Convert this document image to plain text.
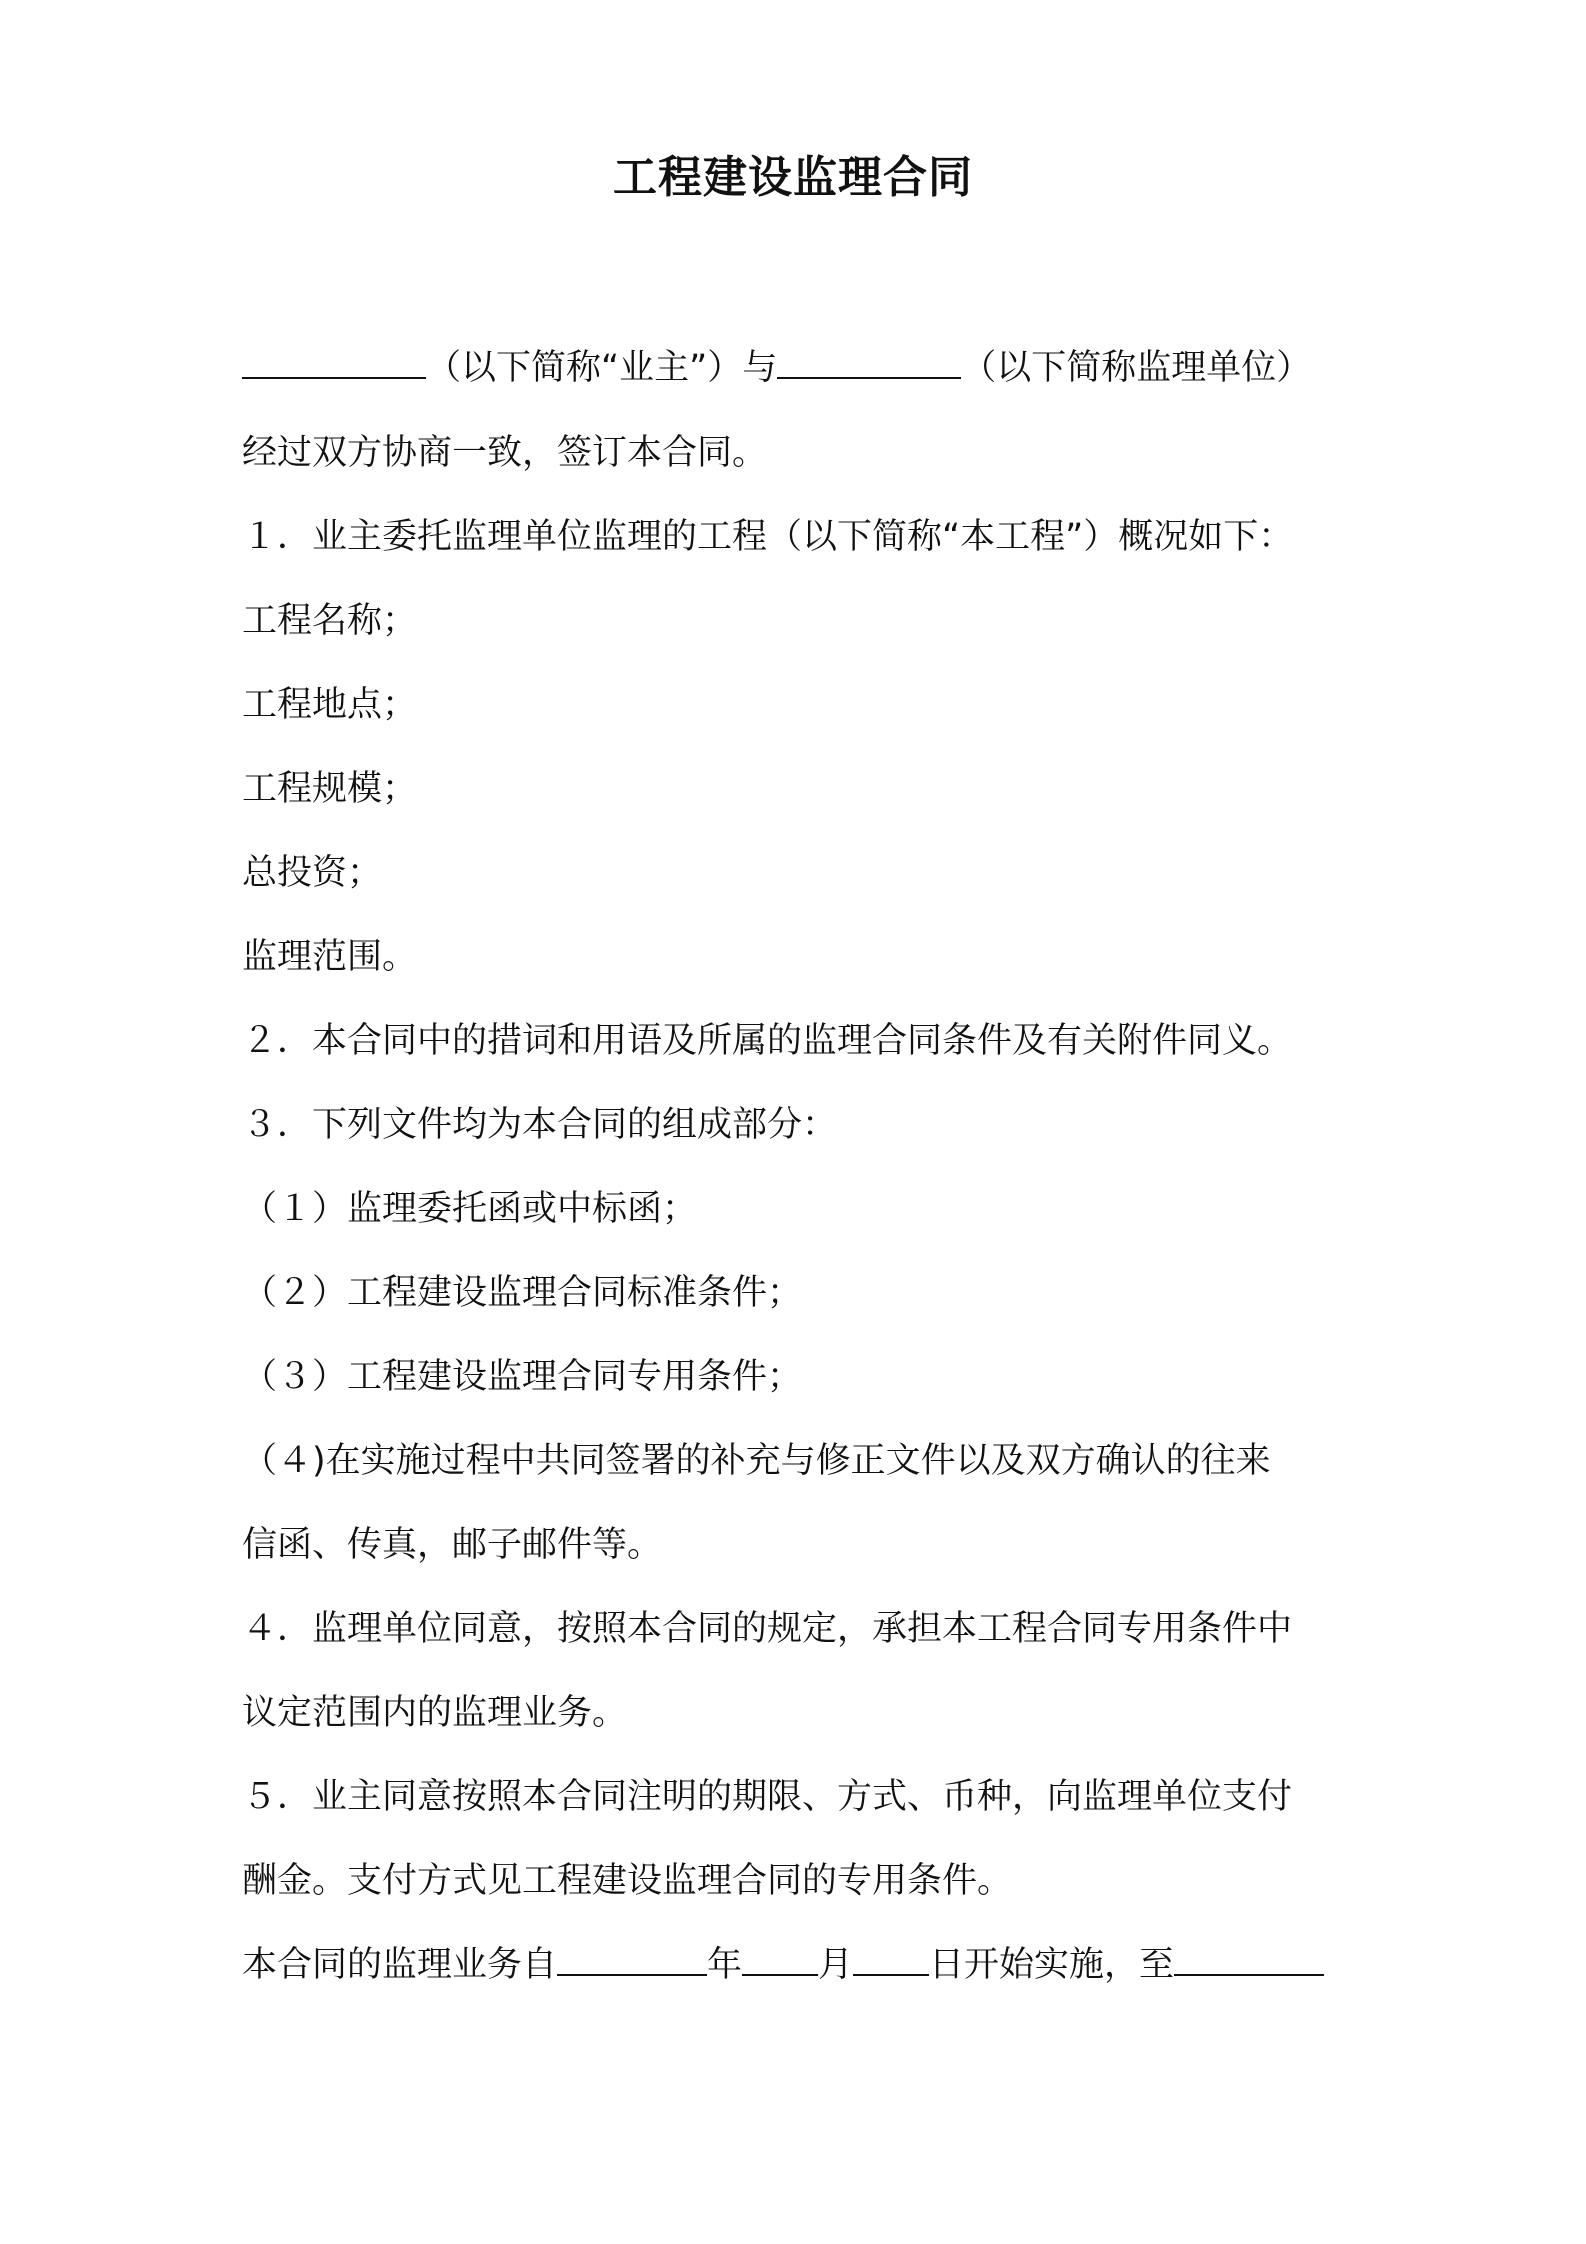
工程建设监理合同
（以下简称“业主”）与	（以下简称监理单位）
经过双方协商一致，签订本合同。
１．业主委托监理单位监理的工程（以下简称“本工程”）概况如下：
工程名称；
工程地点；
工程规模；
总投资；
监理范围。
２．本合同中的措词和用语及所属的监理合同条件及有关附件同义。
３．下列文件均为本合同的组成部分：
（１）监理委托函或中标函；
（２）工程建设监理合同标准条件；
（３）工程建设监理合同专用条件；
（４)在实施过程中共同签署的补充与修正文件以及双方确认的往来
信函、传真，邮子邮件等。
４．监理单位同意，按照本合同的规定，承担本工程合同专用条件中
议定范围内的监理业务。
５．业主同意按照本合同注明的期限、方式、币种，向监理单位支付
酬金。支付方式见工程建设监理合同的专用条件。
本合同的监理业务自	年 月 日开始实施，至
